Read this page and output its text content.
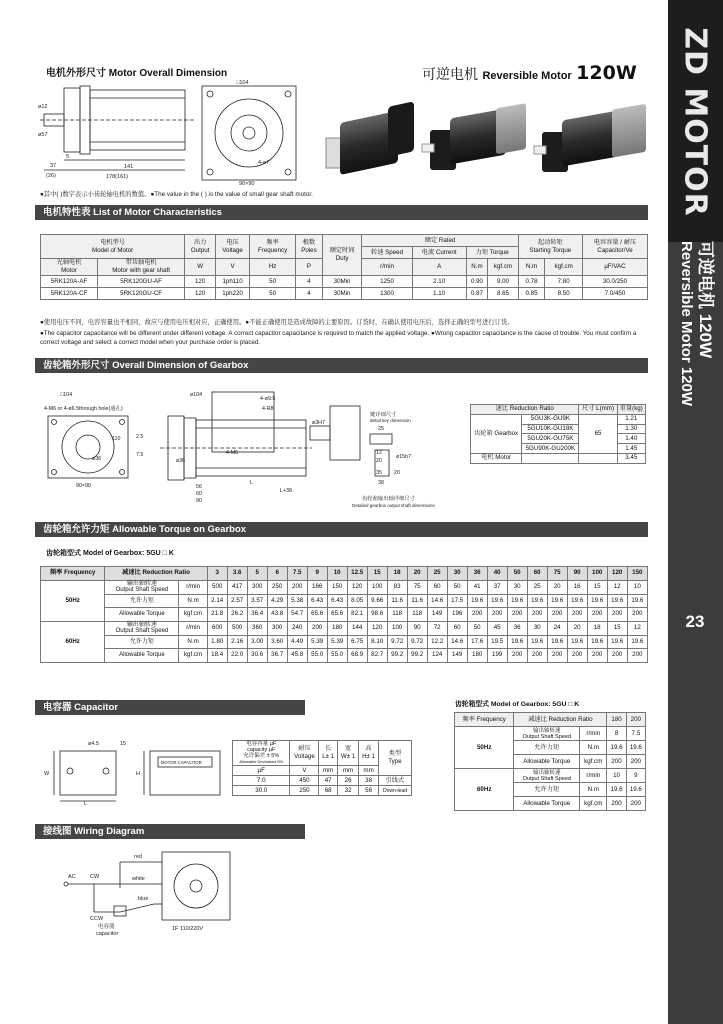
ZD MOTOR
可逆电机 120W
Reversible Motor 120W
23
电机外形尺寸 Motor Overall Dimension	可逆电机 Reversible Motor 120W
□104
90×90
141
178(161)
37
(26)
5
4-ø7
ø12
ø57
●其中( )数字表示小齿轮轴电机的数值。●The value in the ( ) is the value of small gear shaft motor.
电机特性表 List of Motor Characteristics
电机型号
Model of Motor		出力
Output	电压
Voltage	频率
Frequency	极数
Poles	额定时间
Duty	额定 Rated				起动转矩
Starting Torque		电容容量 / 耐压
Capacitor/Ve
							转速 Speed	电流 Current	力矩 Torque				
光轴电机
Motor	带齿轴电机
Motor with gear shaft	W	V	Hz	P		r/min	A	N.m	kgf.cm	N.m	kgf.cm	µF/VAC
5RK120A-AF	5RK120GU-AF	120	1ph110	50	4	30Min	1250	2.10	0.90	9.00	0.78	7.80	30.0/250
5RK120A-CF	5RK120GU-CF	120	1ph220	50	4	30Min	1300	1.10	0.87	8.65	0.85	8.50	7.0/450
●使用电压不同，电容容量也不相同，故应与使用电压相对应，正确使用。●不能正确使用是造成故障的主要原因。订货时，在确认使用电压后，选择正确的型号进行订货。
●The capacitor capacitance will be different under different voltage. A correct capacitor capacitance is required to match the applied voltage. ●Wrong capacitor capacitance is the cause of trouble. You must confirm a correct voltage and select a correct model when your purchase order is placed.
齿轮箱外形尺寸 Overall Dimension of Gearbox
4-M6 or 4-ø6.5through hole(通孔)
□104	ø104
4-ø9.5
4-R8
90×90
2.5
7.5
ø36
4-M6
L
L+38
ø36
56
60
90
110
25
12
20
35 20
38
ø3H7
ø15h7
键详细尺寸
detail key dimension
齿轮箱输出轴详细尺寸
Detailed gearbox output shaft dimensions
速比 Reduction Ratio		尺寸 L(mm)	重量(kg)
齿轮箱 Gearbox	5GU3K-GU9K	65	1.21
	5GU10K-GU18K		1.30
	5GU20K-GU75K		1.40
	5GU90K-GU200K		1.45
电机 Motor			3.45
齿轮箱允许力矩 Allowable Torque on Gearbox
齿轮箱型式 Model of Gearbox: 5GU □ K
频率 Frequency	减速比 Reduction Ratio		3	3.6	5	6	7.5	9	10	12.5	15	18	20	25	30	36	40	50	60	75	90	100	120	150
50Hz	输出轴转速
Output Shaft Speed	r/min	500	417	300	250	200	166	150	120	100	83	75	60	50	41	37	30	25	20	16	15	12	10
	允许力矩	N.m	2.14	2.57	3.57	4.29	5.38	6.43	6.43	8.05	9.66	11.6	11.6	14.6	17.5	19.6	19.6	19.6	19.6	19.6	19.6	19.6	19.6	19.6
	Allowable Torque	kgf.cm	21.8	26.2	36.4	43.8	54.7	65.6	65.6	82.1	98.6	118	118	149	196	200	200	200	200	200	200	200	200	200
60Hz	输出轴转速
Output Shaft Speed	r/min	600	500	360	300	240	200	180	144	120	100	90	72	60	50	45	36	30	24	20	18	15	12
	允许力矩	N.m	1.80	2.16	3.00	3.60	4.49	5.39	5.39	6.75	8.10	9.72	9.72	12.2	14.6	17.6	19.5	19.6	19.6	19.6	19.6	19.6	19.6	19.6
	Allowable Torque	kgf.cm	18.4	22.0	30.6	36.7	45.8	55.0	55.0	68.9	82.7	99.2	99.2	124	149	180	199	200	200	200	200	200	200	200
电容器 Capacitor
ø4.5
W	H
L
15
MOTOR CAPACITOR
电容容量 µF
capacity µF
允许偏差 ± 5%
Allowable Deviations 5%	耐压
Voltage	长
L± 1	宽
W± 1	高
H± 1	类型
Type
µF	V	mm	mm	mm	
7.0	450	47	26	38	引线式
30.0	250	68	32	56	Down-lead
齿轮箱型式 Model of Gearbox: 5GU □ K
频率 Frequency	减速比 Reduction Ratio		180	200
50Hz	输出轴转速
Output Shaft Speed	r/min	8	7.5
	允许力矩	N.m	19.6	19.6
	Allowable Torque	kgf.cm	200	200
60Hz	输出轴转速
Output Shaft Speed	r/min	10	9
	允许力矩	N.m	19.6	19.6
	Allowable Torque	kgf.cm	200	200
接线图 Wiring Diagram
red
white
blue
AC	CW
CCW
电容器
capacitor
1F 110/220V
